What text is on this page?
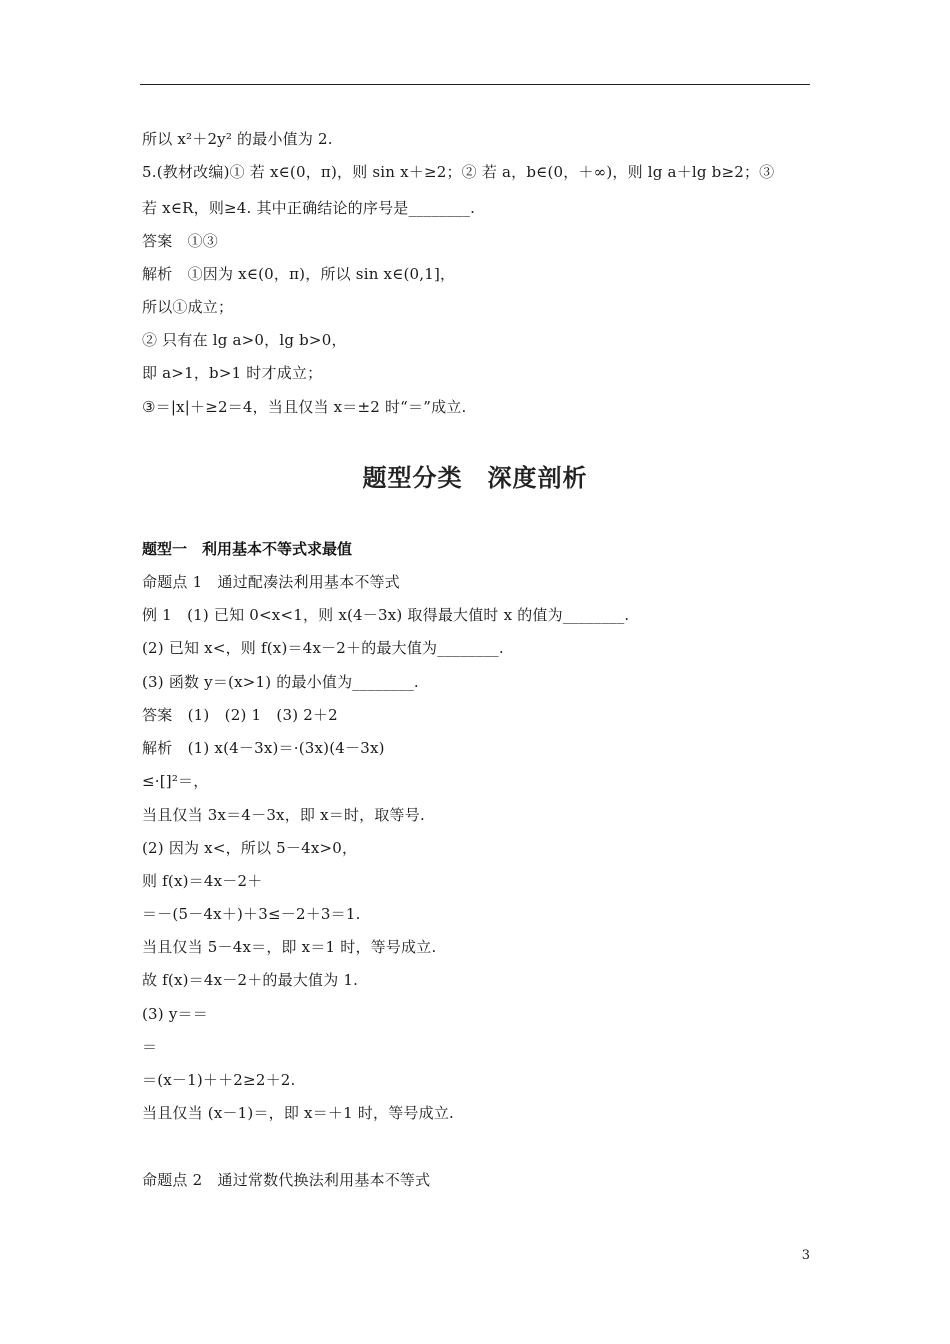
所以 x²＋2y² 的最小值为 2.
5.(教材改编)① 若 x∈(0，π)，则 sin x＋≥2；② 若 a，b∈(0，＋∞)，则 lg a＋lg b≥2；③
若 x∈R，则≥4. 其中正确结论的序号是________.
答案　①③
解析　①因为 x∈(0，π)，所以 sin x∈(0,1]，
所以①成立；
② 只有在 lg a>0，lg b>0，
即 a>1，b>1 时才成立；
③＝|x|＋≥2＝4，当且仅当 x＝±2 时“＝”成立.
题型分类　深度剖析
题型一　利用基本不等式求最值
命题点 1　通过配凑法利用基本不等式
例 1　(1) 已知 0<x<1，则 x(4－3x) 取得最大值时 x 的值为________.
(2) 已知 x<，则 f(x)＝4x－2＋的最大值为________.
(3) 函数 y＝(x>1) 的最小值为________.
答案　(1)　(2) 1　(3) 2＋2
解析　(1) x(4－3x)＝·(3x)(4－3x)
≤·[]²＝，
当且仅当 3x＝4－3x，即 x＝时，取等号.
(2) 因为 x<，所以 5－4x>0，
则 f(x)＝4x－2＋
＝－(5－4x＋)＋3≤－2＋3＝1.
当且仅当 5－4x＝，即 x＝1 时，等号成立.
故 f(x)＝4x－2＋的最大值为 1.
(3) y＝＝
＝
＝(x－1)＋＋2≥2＋2.
当且仅当 (x－1)＝，即 x＝＋1 时，等号成立.
命题点 2　通过常数代换法利用基本不等式
3
